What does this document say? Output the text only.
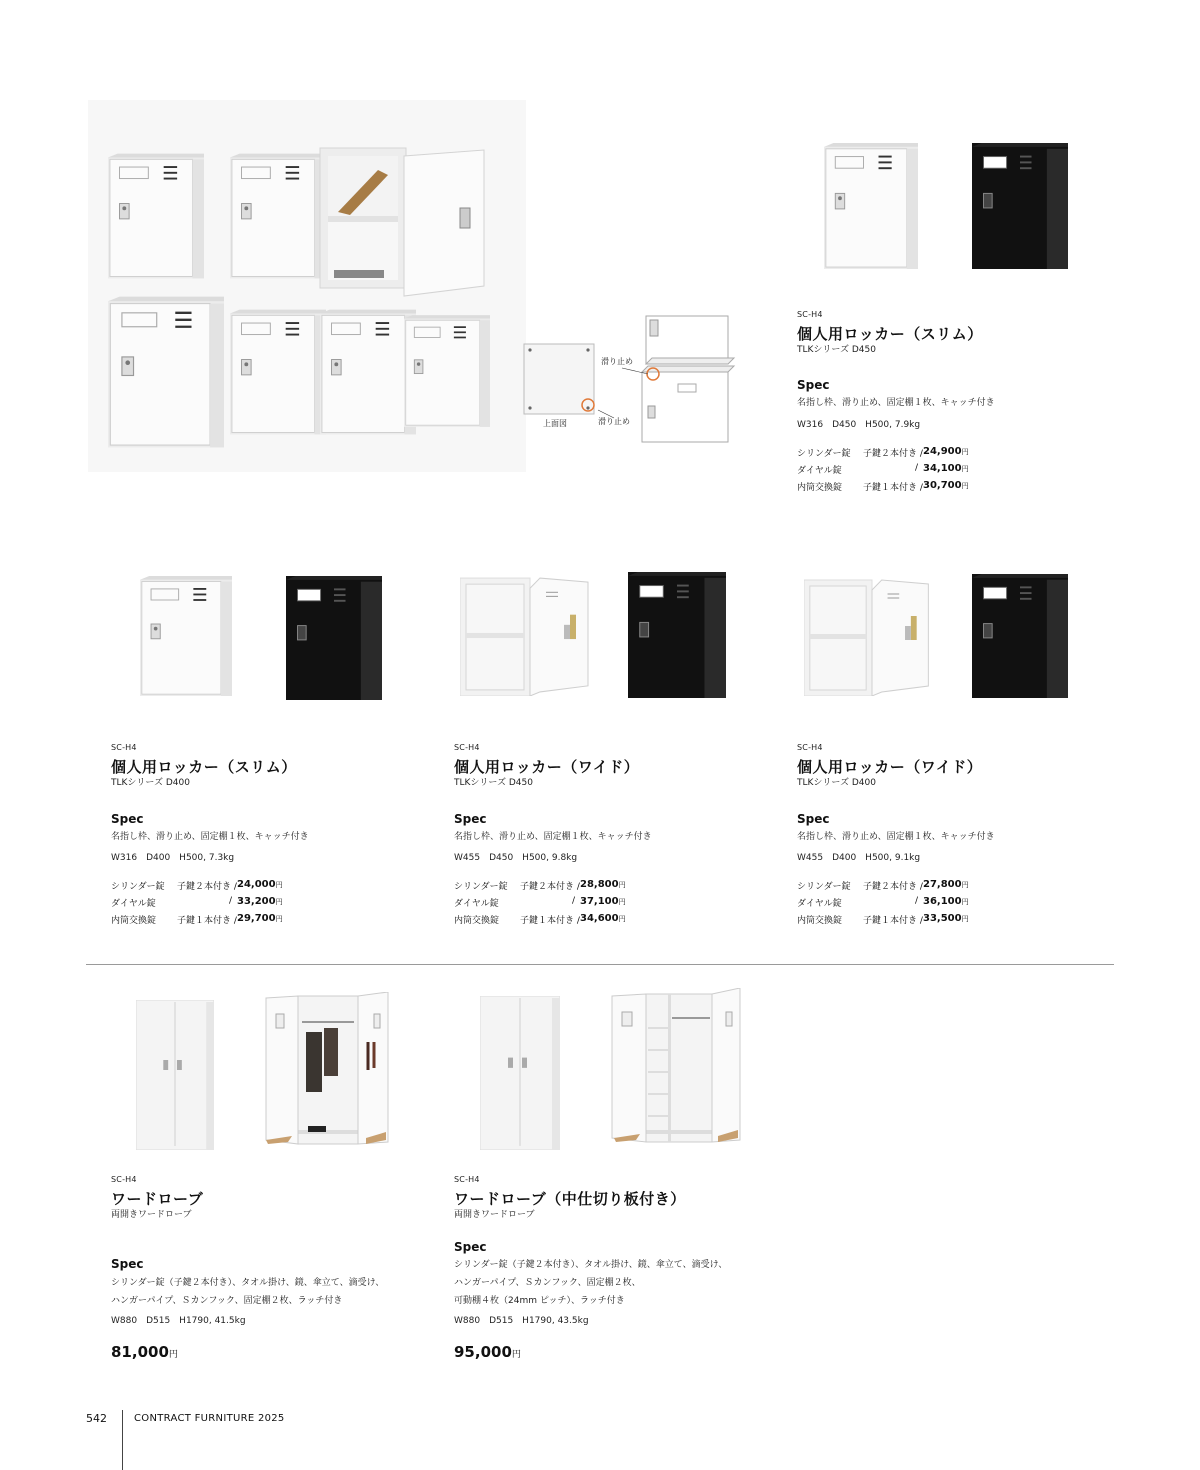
滑り止め
上面図	滑り止め
SC-H4
個人用ロッカー（スリム）
TLKシリーズ D450
Spec
名指し枠、滑り止め、固定棚１枚、キャッチ付き
W316　D450　H500, 7.9kg
シリンダー錠 子鍵２本付き / 24,900円
ダイヤル錠	/ 34,100円
内筒交換錠 子鍵１本付き / 30,700円
SC-H4
個人用ロッカー（スリム）
TLKシリーズ D400
Spec
名指し枠、滑り止め、固定棚１枚、キャッチ付き
W316　D400　H500, 7.3kg
シリンダー錠 子鍵２本付き / 24,000円
ダイヤル錠	/ 33,200円
内筒交換錠 子鍵１本付き / 29,700円
SC-H4
個人用ロッカー（ワイド）
TLKシリーズ D450
Spec
名指し枠、滑り止め、固定棚１枚、キャッチ付き
W455　D450　H500, 9.8kg
シリンダー錠 子鍵２本付き / 28,800円
ダイヤル錠	/ 37,100円
内筒交換錠 子鍵１本付き / 34,600円
SC-H4
個人用ロッカー（ワイド）
TLKシリーズ D400
Spec
名指し枠、滑り止め、固定棚１枚、キャッチ付き
W455　D400　H500, 9.1kg
シリンダー錠 子鍵２本付き / 27,800円
ダイヤル錠	/ 36,100円
内筒交換錠 子鍵１本付き / 33,500円
SC-H4
ワードローブ
両開きワードローブ
Spec
シリンダー錠（子鍵２本付き）、タオル掛け、鏡、傘立て、滴受け、
ハンガーパイプ、Ｓカンフック、固定棚２枚、ラッチ付き
W880　D515　H1790, 41.5kg
81,000円
SC-H4
ワードローブ（中仕切り板付き）
両開きワードローブ
Spec
シリンダー錠（子鍵２本付き）、タオル掛け、鏡、傘立て、滴受け、
ハンガーパイプ、Ｓカンフック、固定棚２枚、
可動棚４枚（24mm ピッチ）、ラッチ付き
W880　D515　H1790, 43.5kg
95,000円
542	CONTRACT FURNITURE 2025
